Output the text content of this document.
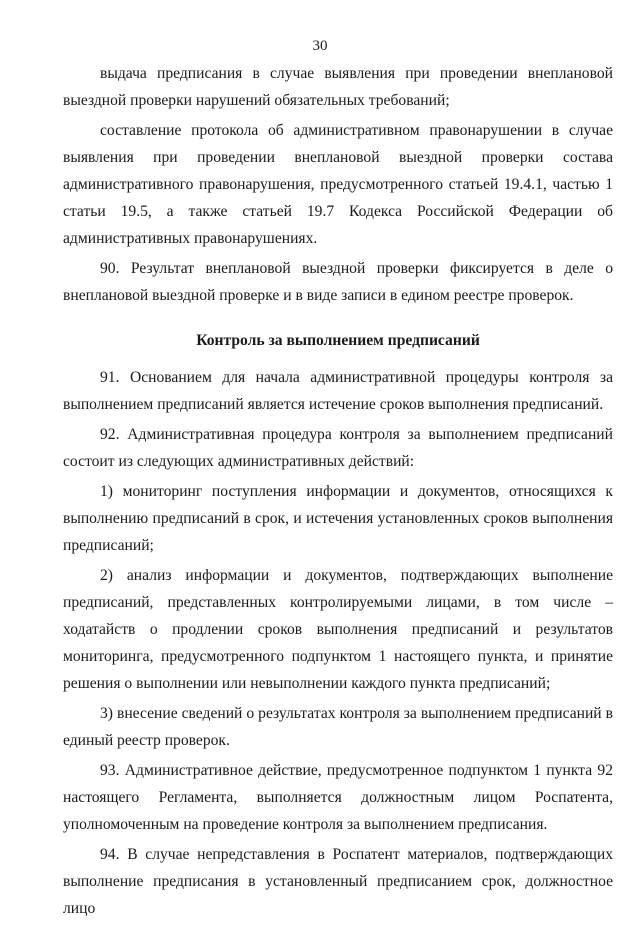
30

выдача предписания в случае выявления при проведении внеплановой выездной проверки нарушений обязательных требований;

составление протокола об административном правонарушении в случае выявления при проведении внеплановой выездной проверки состава административного правонарушения, предусмотренного статьей 19.4.1, частью 1 статьи 19.5, а также статьей 19.7 Кодекса Российской Федерации об административных правонарушениях.

90. Результат внеплановой выездной проверки фиксируется в деле о внеплановой выездной проверке и в виде записи в едином реестре проверок.

Контроль за выполнением предписаний

91. Основанием для начала административной процедуры контроля за выполнением предписаний является истечение сроков выполнения предписаний.

92. Административная процедура контроля за выполнением предписаний состоит из следующих административных действий:

1) мониторинг поступления информации и документов, относящихся к выполнению предписаний в срок, и истечения установленных сроков выполнения предписаний;

2) анализ информации и документов, подтверждающих выполнение предписаний, представленных контролируемыми лицами, в том числе – ходатайств о продлении сроков выполнения предписаний и результатов мониторинга, предусмотренного подпунктом 1 настоящего пункта, и принятие решения о выполнении или невыполнении каждого пункта предписаний;

3) внесение сведений о результатах контроля за выполнением предписаний в единый реестр проверок.

93. Административное действие, предусмотренное подпунктом 1 пункта 92 настоящего Регламента, выполняется должностным лицом Роспатента, уполномоченным на проведение контроля за выполнением предписания.

94. В случае непредставления в Роспатент материалов, подтверждающих выполнение предписания в установленный предписанием срок, должностное лицо
